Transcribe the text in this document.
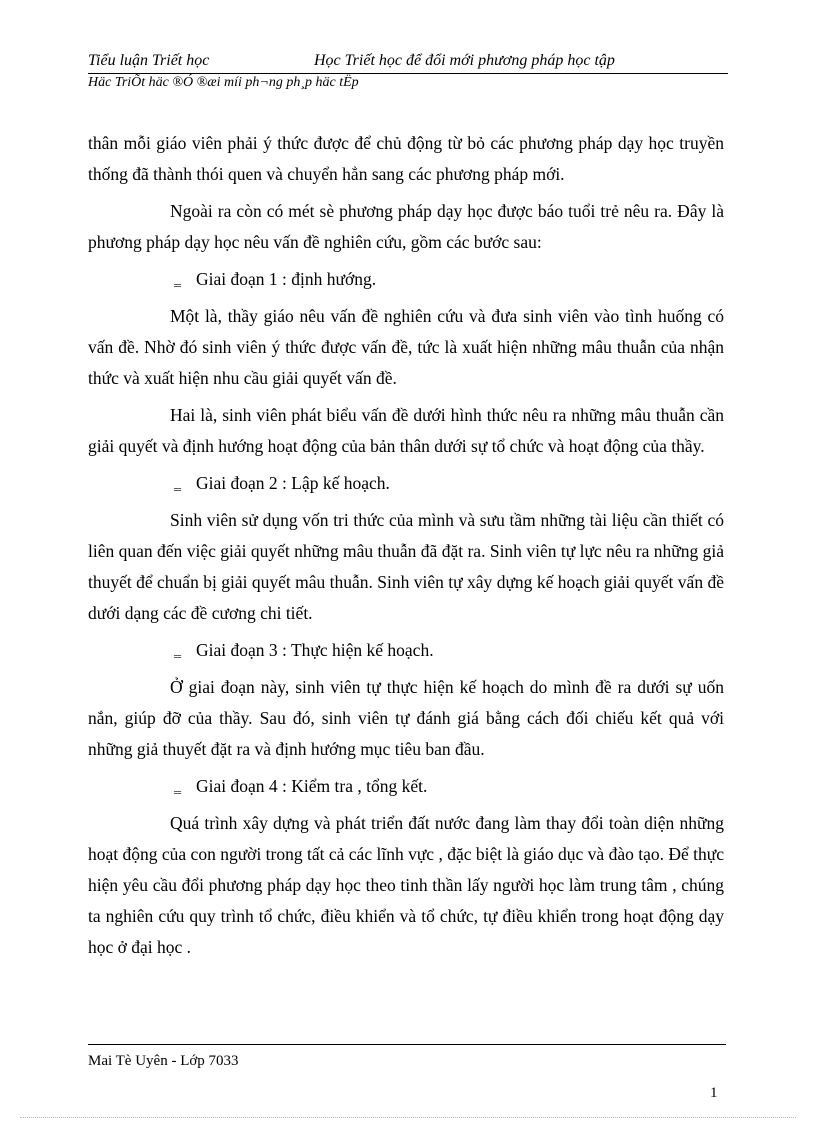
Tiểu luận Triết học	Học Triết học để đổi mới phương pháp học tập
Häc TriÕt häc ®Ó ®æi míi ph¬ng ph¸p häc tËp

thân mỗi giáo viên phải ý thức được để chủ động từ bỏ các phương pháp dạy học truyền thống đã thành thói quen và chuyển hẳn sang các phương pháp mới.

Ngoài ra còn có mét sè phương pháp dạy học được báo tuổi trẻ nêu ra. Đây là phương pháp dạy học nêu vấn đề nghiên cứu, gồm các bước sau:

‗ Giai đoạn 1 : định hướng.

Một là, thầy giáo nêu vấn đề nghiên cứu và đưa sinh viên vào tình huống có vấn đề. Nhờ đó sinh viên ý thức được vấn đề, tức là xuất hiện những mâu thuẫn của nhận thức và xuất hiện nhu cầu giải quyết vấn đề.

Hai là, sinh viên phát biểu vấn đề dưới hình thức nêu ra những mâu thuẫn cần giải quyết và định hướng hoạt động của bản thân dưới sự tổ chức và hoạt động của thầy.

‗ Giai đoạn 2 : Lập kế hoạch.

Sinh viên sử dụng vốn tri thức của mình và sưu tầm những tài liệu cần thiết có liên quan đến việc giải quyết những mâu thuẫn đã đặt ra. Sinh viên tự lực nêu ra những giả thuyết để chuẩn bị giải quyết mâu thuẫn. Sinh viên tự xây dựng kế hoạch giải quyết vấn đề dưới dạng các đề cương chi tiết.

‗ Giai đoạn 3 : Thực hiện kế hoạch.

Ở giai đoạn này, sinh viên tự thực hiện kế hoạch do mình đề ra dưới sự uốn nắn, giúp đỡ của thầy. Sau đó, sinh viên tự đánh giá bằng cách đối chiếu kết quả với những giả thuyết đặt ra và định hướng mục tiêu ban đầu.

‗ Giai đoạn 4 : Kiểm tra , tổng kết.

Quá trình xây dựng và phát triển đất nước đang làm thay đổi toàn diện những hoạt động của con người trong tất cả các lĩnh vực , đặc biệt là giáo dục và đào tạo. Để thực hiện yêu cầu đổi phương pháp dạy học theo tinh thần lấy người học làm trung tâm , chúng ta nghiên cứu quy trình tổ chức, điều khiển và tổ chức, tự điều khiển trong hoạt động dạy học ở đại học .

Mai Tè Uyên - Lớp 7033
1
